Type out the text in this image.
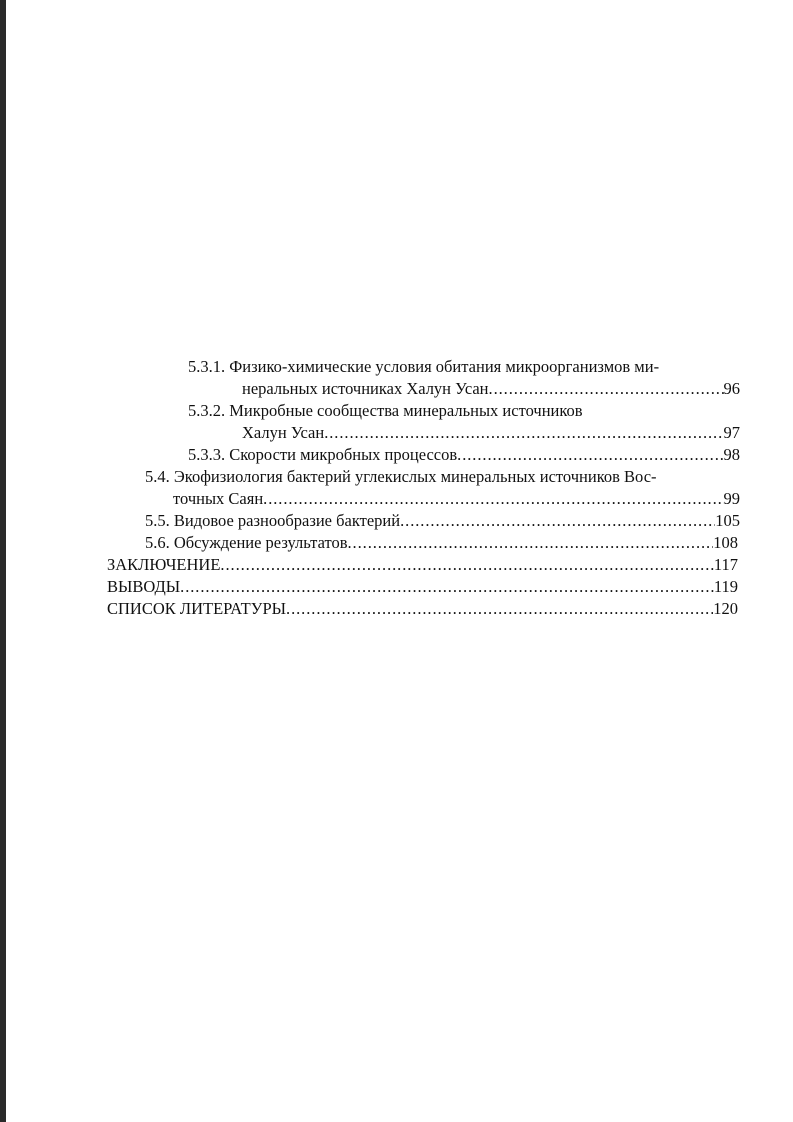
5.3.1. Физико-химические условия обитания микроорганизмов ми-
неральных источниках Халун Усан . . .	96
5.3.2. Микробные сообщества минеральных источников
Халун Усан . . .	97
5.3.3. Скорости микробных процессов . . .	98
5.4. Экофизиология бактерий углекислых минеральных источников Вос-
точных Саян . . .	99
5.5. Видовое разнообразие бактерий . . .	105
5.6. Обсуждение результатов . . .	108
ЗАКЛЮЧЕНИЕ . . .	117
ВЫВОДЫ . . .	119
СПИСОК ЛИТЕРАТУРЫ . . .	120
